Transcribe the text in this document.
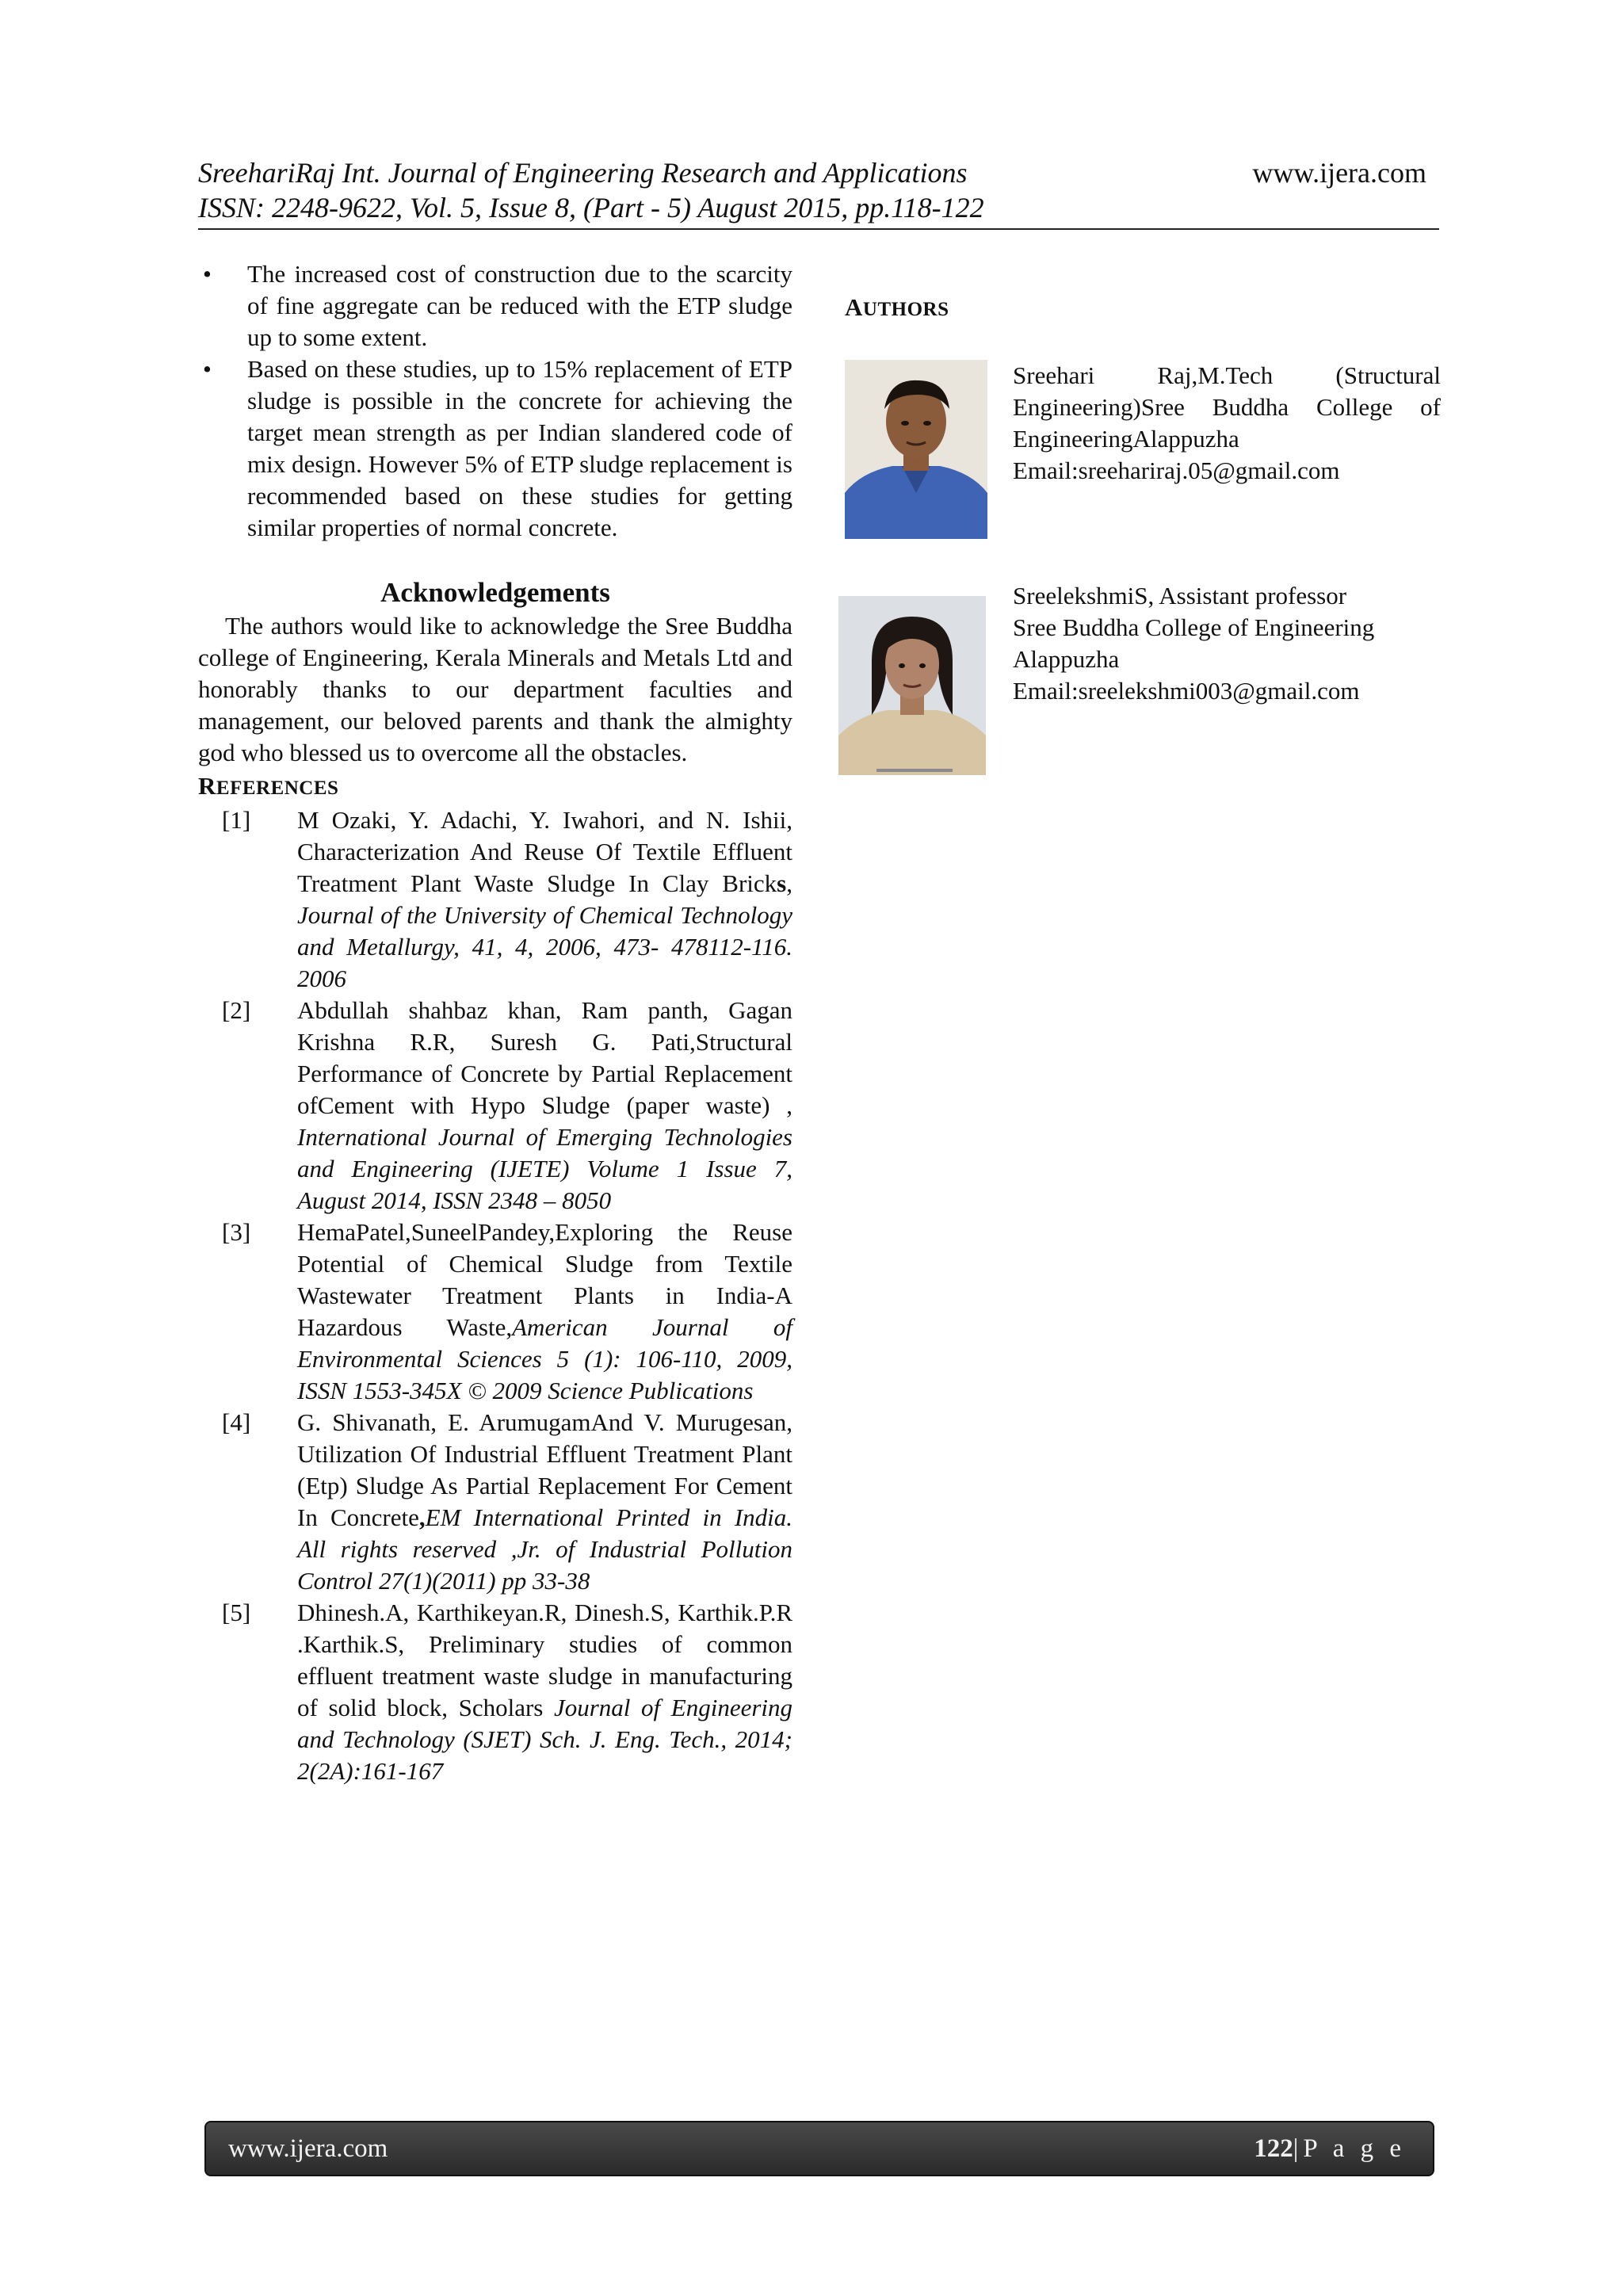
SreehariRaj Int. Journal of Engineering Research and Applications	www.ijera.com
ISSN: 2248-9622, Vol. 5, Issue 8, (Part - 5) August 2015, pp.118-122
• The increased cost of construction due to the scarcity of fine aggregate can be reduced with the ETP sludge up to some extent.
• Based on these studies, up to 15% replacement of ETP sludge is possible in the concrete for achieving the target mean strength as per Indian slandered code of mix design. However 5% of ETP sludge replacement is recommended based on these studies for getting similar properties of normal concrete.
Acknowledgements
The authors would like to acknowledge the Sree Buddha college of Engineering, Kerala Minerals and Metals Ltd and honorably thanks to our department faculties and management, our beloved parents and thank the almighty god who blessed us to overcome all the obstacles.
REFERENCES
[1] M Ozaki, Y. Adachi, Y. Iwahori, and N. Ishii, Characterization And Reuse Of Textile Effluent Treatment Plant Waste Sludge In Clay Bricks, Journal of the University of Chemical Technology and Metallurgy, 41, 4, 2006, 473- 478112-116. 2006
[2] Abdullah shahbaz khan, Ram panth, Gagan Krishna R.R, Suresh G. Pati,Structural Performance of Concrete by Partial Replacement ofCement with Hypo Sludge (paper waste) , International Journal of Emerging Technologies and Engineering (IJETE) Volume 1 Issue 7, August 2014, ISSN 2348 – 8050
[3] HemaPatel,SuneelPandey,Exploring the Reuse Potential of Chemical Sludge from Textile Wastewater Treatment Plants in India-A Hazardous Waste,American Journal of Environmental Sciences 5 (1): 106-110, 2009, ISSN 1553-345X © 2009 Science Publications
[4] G. Shivanath, E. ArumugamAnd V. Murugesan, Utilization Of Industrial Effluent Treatment Plant (Etp) Sludge As Partial Replacement For Cement In Concrete,EM International Printed in India. All rights reserved ,Jr. of Industrial Pollution Control 27(1)(2011) pp 33-38
[5] Dhinesh.A, Karthikeyan.R, Dinesh.S, Karthik.P.R .Karthik.S, Preliminary studies of common effluent treatment waste sludge in manufacturing of solid block, Scholars Journal of Engineering and Technology (SJET) Sch. J. Eng. Tech., 2014; 2(2A):161-167
AUTHORS
Sreehari Raj,M.Tech (Structural Engineering)Sree Buddha College of EngineeringAlappuzha
Email:sreehariraj.05@gmail.com
SreelekshmiS, Assistant professor
Sree Buddha College of Engineering
Alappuzha
Email:sreelekshmi003@gmail.com
www.ijera.com	122|P a g e
